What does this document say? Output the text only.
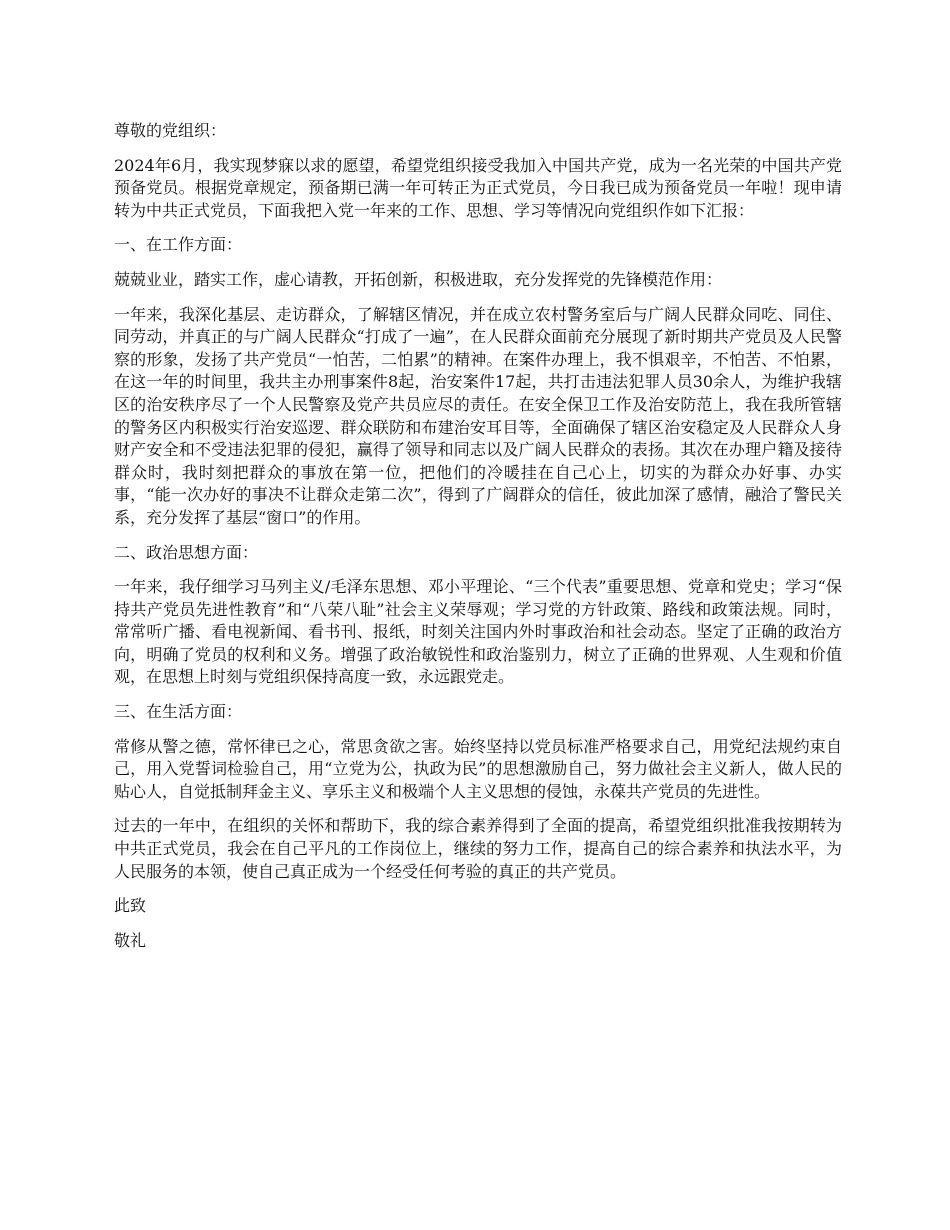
尊敬的党组织：

2024年6月，我实现梦寐以求的愿望，希望党组织接受我加入中国共产党，成为一名光荣的中国共产党预备党员。根据党章规定，预备期已满一年可转正为正式党员，今日我已成为预备党员一年啦！现申请转为中共正式党员，下面我把入党一年来的工作、思想、学习等情况向党组织作如下汇报：

一、在工作方面：

兢兢业业，踏实工作，虚心请教，开拓创新，积极进取，充分发挥党的先锋模范作用：

一年来，我深化基层、走访群众，了解辖区情况，并在成立农村警务室后与广阔人民群众同吃、同住、同劳动，并真正的与广阔人民群众“打成了一遍”，在人民群众面前充分展现了新时期共产党员及人民警察的形象，发扬了共产党员“一怕苦，二怕累”的精神。在案件办理上，我不惧艰辛，不怕苦、不怕累，在这一年的时间里，我共主办刑事案件8起，治安案件17起，共打击违法犯罪人员30余人，为维护我辖区的治安秩序尽了一个人民警察及党产共员应尽的责任。在安全保卫工作及治安防范上，我在我所管辖的警务区内积极实行治安巡逻、群众联防和布建治安耳目等，全面确保了辖区治安稳定及人民群众人身财产安全和不受违法犯罪的侵犯，赢得了领导和同志以及广阔人民群众的表扬。其次在办理户籍及接待群众时，我时刻把群众的事放在第一位，把他们的冷暖挂在自己心上，切实的为群众办好事、办实事，“能一次办好的事决不让群众走第二次”，得到了广阔群众的信任，彼此加深了感情，融洽了警民关系，充分发挥了基层“窗口”的作用。

二、政治思想方面：

一年来，我仔细学习马列主义/毛泽东思想、邓小平理论、“三个代表”重要思想、党章和党史；学习“保持共产党员先进性教育”和“八荣八耻”社会主义荣辱观；学习党的方针政策、路线和政策法规。同时，常常听广播、看电视新闻、看书刊、报纸，时刻关注国内外时事政治和社会动态。坚定了正确的政治方向，明确了党员的权利和义务。增强了政治敏锐性和政治鉴别力，树立了正确的世界观、人生观和价值观，在思想上时刻与党组织保持高度一致，永远跟党走。

三、在生活方面：

常修从警之德，常怀律已之心，常思贪欲之害。始终坚持以党员标准严格要求自己，用党纪法规约束自己，用入党誓词检验自己，用“立党为公，执政为民”的思想激励自己，努力做社会主义新人，做人民的贴心人，自觉抵制拜金主义、享乐主义和极端个人主义思想的侵蚀，永葆共产党员的先进性。

过去的一年中，在组织的关怀和帮助下，我的综合素养得到了全面的提高，希望党组织批准我按期转为中共正式党员，我会在自己平凡的工作岗位上，继续的努力工作，提高自己的综合素养和执法水平，为人民服务的本领，使自己真正成为一个经受任何考验的真正的共产党员。

此致

敬礼
